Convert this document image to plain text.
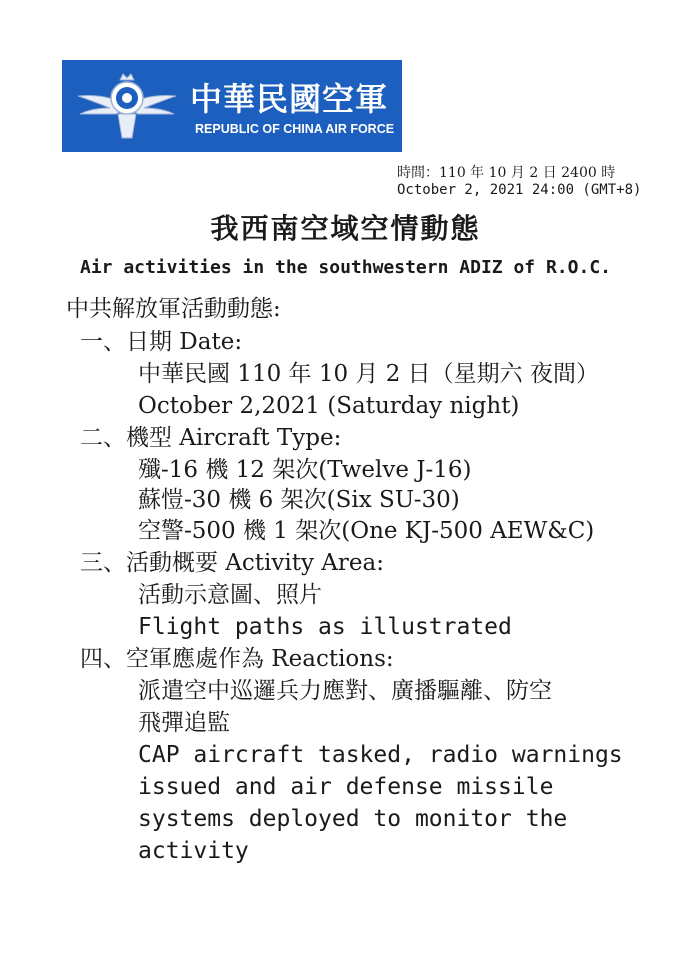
中華民國空軍
REPUBLIC OF CHINA AIR FORCE
時間：110 年 10 月 2 日 2400 時
October 2, 2021 24:00 (GMT+8)
我西南空域空情動態
Air activities in the southwestern ADIZ of R.O.C.
中共解放軍活動動態:
一、日期 Date:
中華民國 110 年 10 月 2 日（星期六 夜間）
October 2,2021 (Saturday night)
二、機型 Aircraft Type:
殲-16 機 12 架次(Twelve J-16)
蘇愷-30 機 6 架次(Six SU-30)
空警-500 機 1 架次(One KJ-500 AEW&C)
三、活動概要 Activity Area:
活動示意圖、照片
Flight paths as illustrated
四、空軍應處作為 Reactions:
派遣空中巡邏兵力應對、廣播驅離、防空
飛彈追監
CAP aircraft tasked, radio warnings
issued and air defense missile
systems deployed to monitor the
activity
